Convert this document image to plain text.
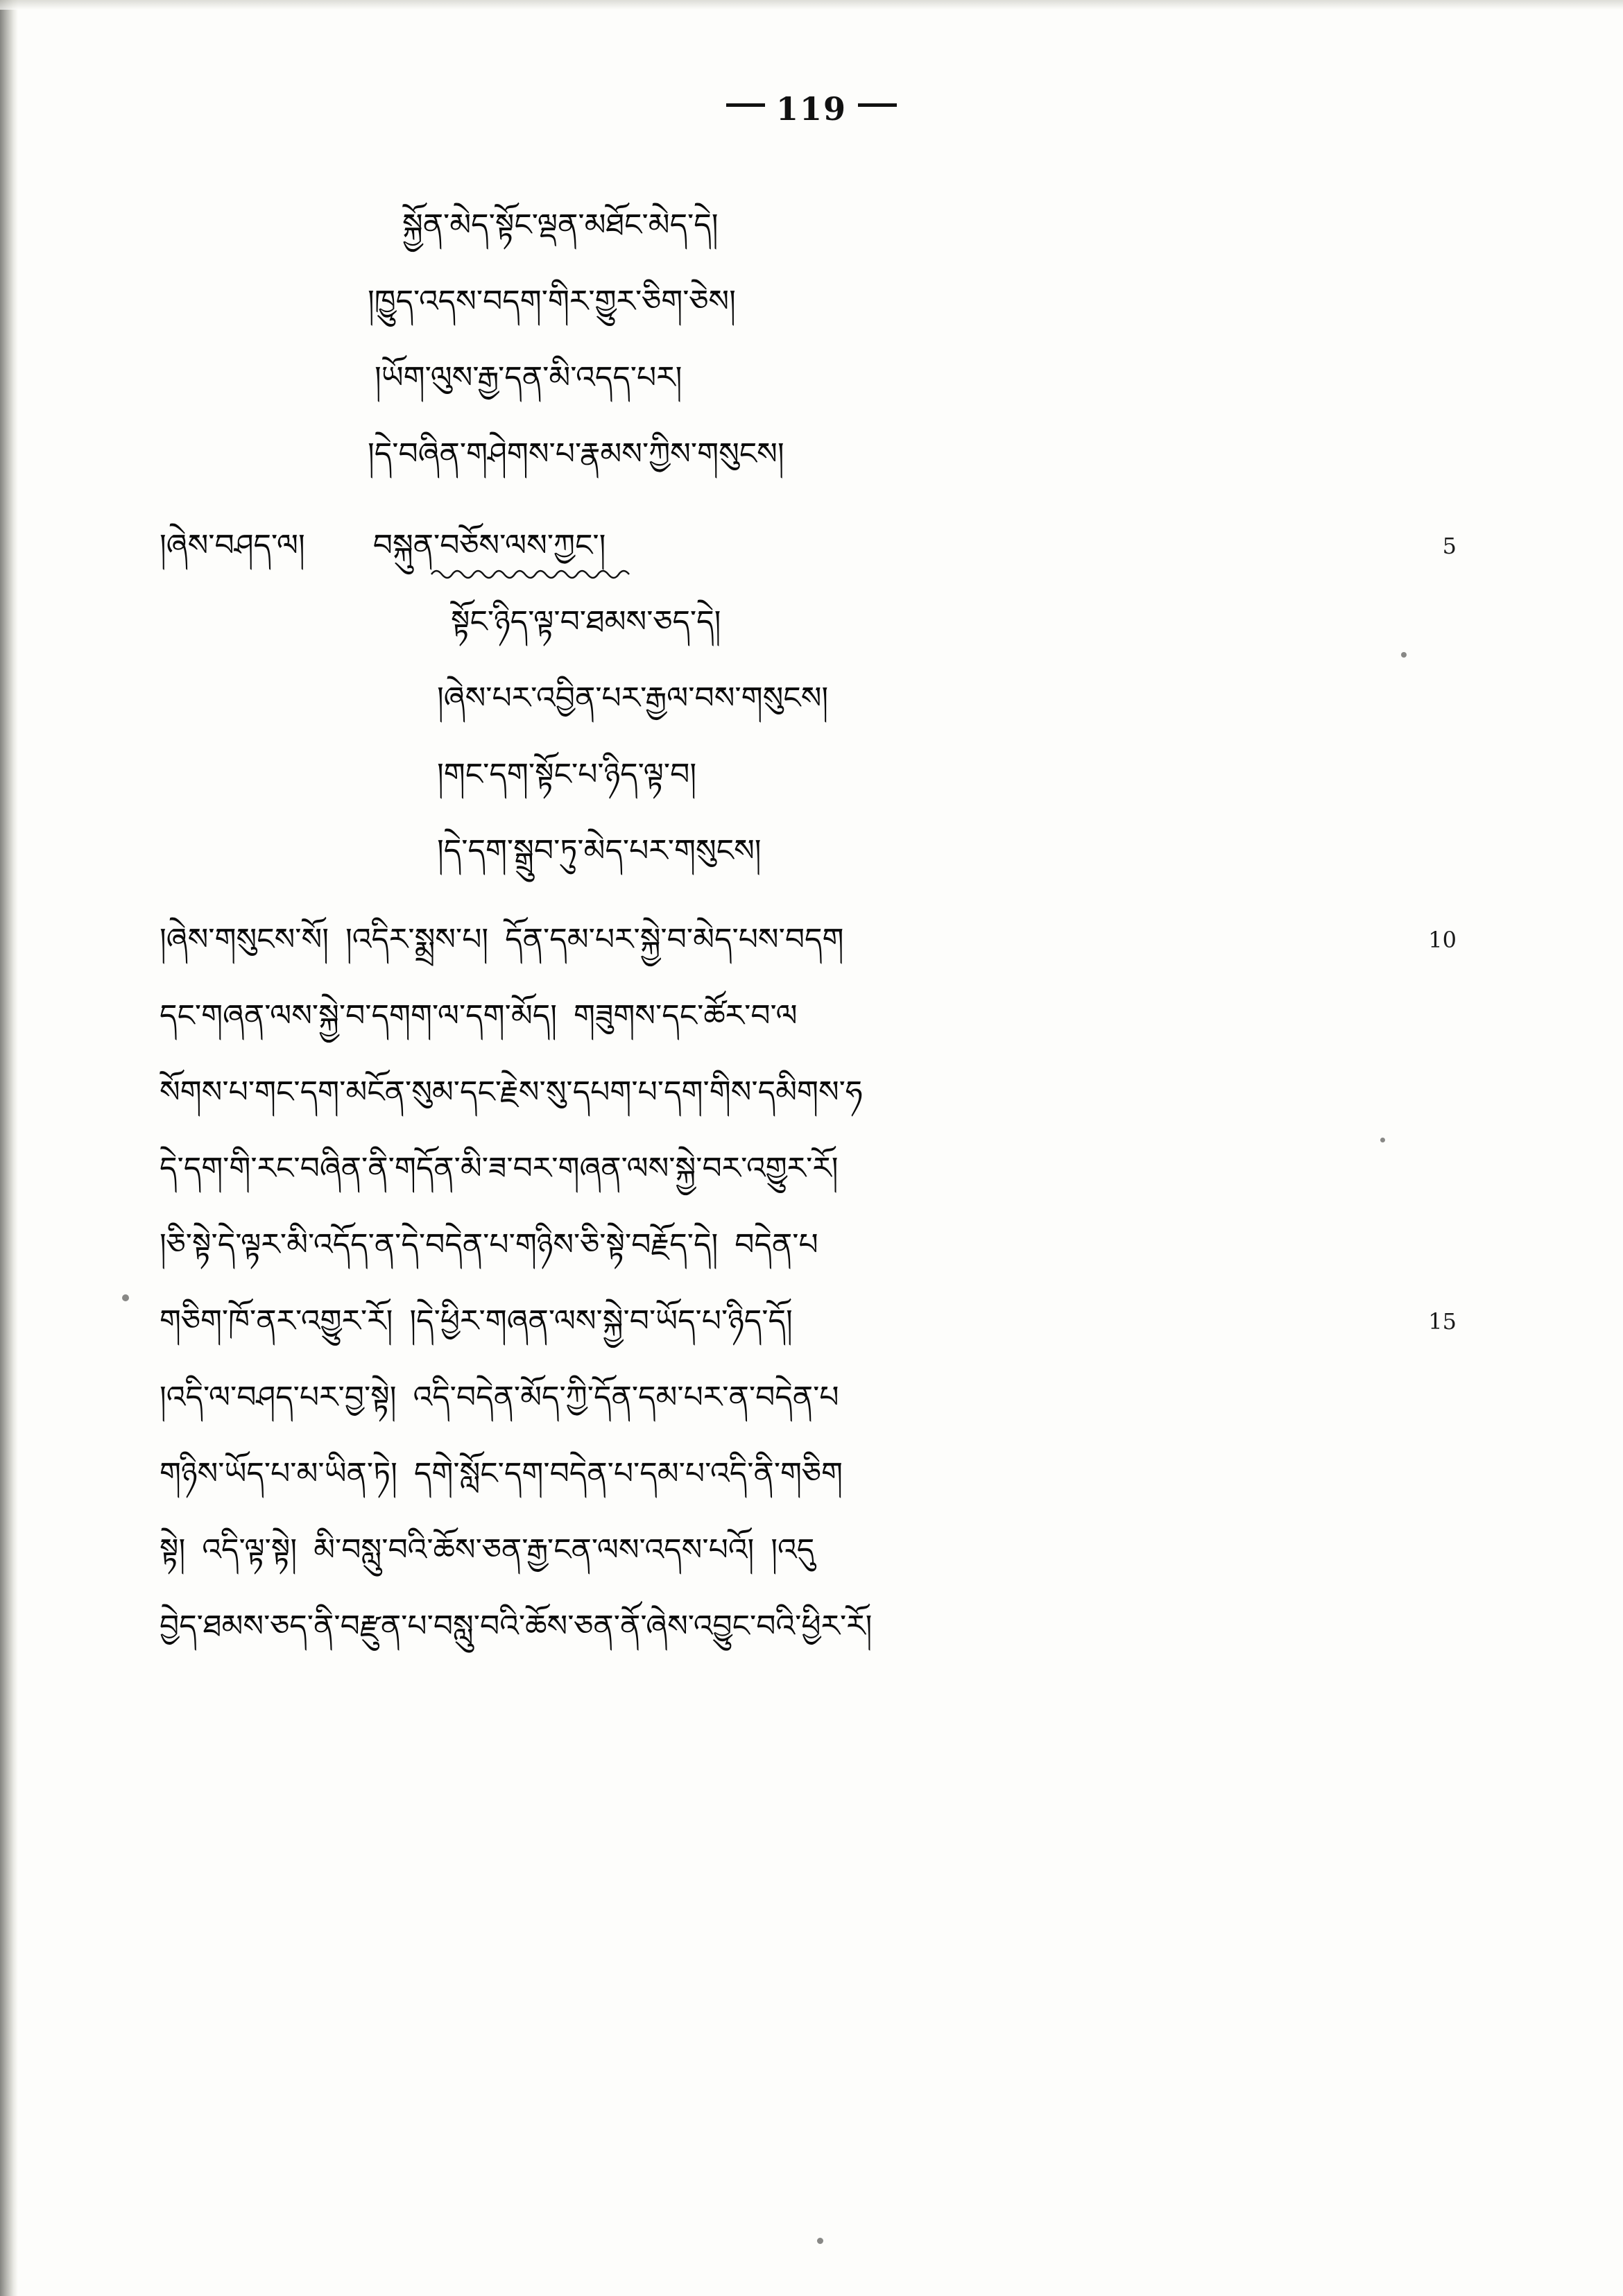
119
སྐྱོན་མེད་སྟོང་ལྡན་མཐོང་མེད་དེ།
།ཁྱུད་འདས་བདག་གིར་གྱུར་ཅིག་ཅེས།
།ཡོག་ལུས་རྒྱ་དན་མི་འདད་པར།
།དེ་བཞིན་གཤེགས་པ་རྣམས་ཀྱིས་གསུངས།
།ཞེས་བཤད་ལ། བསྐུན་བཅོས་ལས་ཀྱང་།	5
སྟོང་ཉིད་ལྟ་བ་ཐམས་ཅད་དེ།
།ཞེས་པར་འབྱིན་པར་རྒྱལ་བས་གསུངས།
།གང་དག་སྟོང་པ་ཉིད་ལྟ་བ།
།དེ་དག་སྒྲུབ་ཏུ་མེད་པར་གསུངས།
།ཞེས་གསུངས་སོ། །འདིར་སྨྲས་པ། དོན་དམ་པར་སྐྱེ་བ་མེད་པས་བདག	10
དང་གཞན་ལས་སྐྱེ་བ་དགག་ལ་དག་མོད། གཟུགས་དང་ཚོར་བ་ལ
སོགས་པ་གང་དག་མངོན་སུམ་དང་རྗེས་སུ་དཔག་པ་དག་གིས་དམིགས་ཧ
དེ་དག་གི་རང་བཞིན་ནི་གདོན་མི་ཟ་བར་གཞན་ལས་སྐྱེ་བར་འགྱུར་རོ།
།ཅི་སྟེ་དེ་ལྟར་མི་འདོད་ན་དེ་བདེན་པ་གཉིས་ཅི་སྟེ་བརྗོད་དེ། བདེན་པ
གཅིག་ཁོ་ནར་འགྱུར་རོ། །དེ་ཕྱིར་གཞན་ལས་སྐྱེ་བ་ཡོད་པ་ཉིད་དོ།	15
།འདི་ལ་བཤད་པར་བྱ་སྟེ། འདི་བདེན་མོད་ཀྱི་དོན་དམ་པར་ན་བདེན་པ
གཉིས་ཡོད་པ་མ་ཡིན་ཏེ། དགེ་སློང་དག་བདེན་པ་དམ་པ་འདི་ནི་གཅིག
སྟེ། འདི་ལྟ་སྟེ། མི་བསླུ་བའི་ཆོས་ཅན་རྒྱ་ངན་ལས་འདས་པའོ། །འདུ
བྱེད་ཐམས་ཅད་ནི་བརྫུན་པ་བསླུ་བའི་ཆོས་ཅན་ནོ་ཞེས་འབྱུང་བའི་ཕྱིར་རོ།
